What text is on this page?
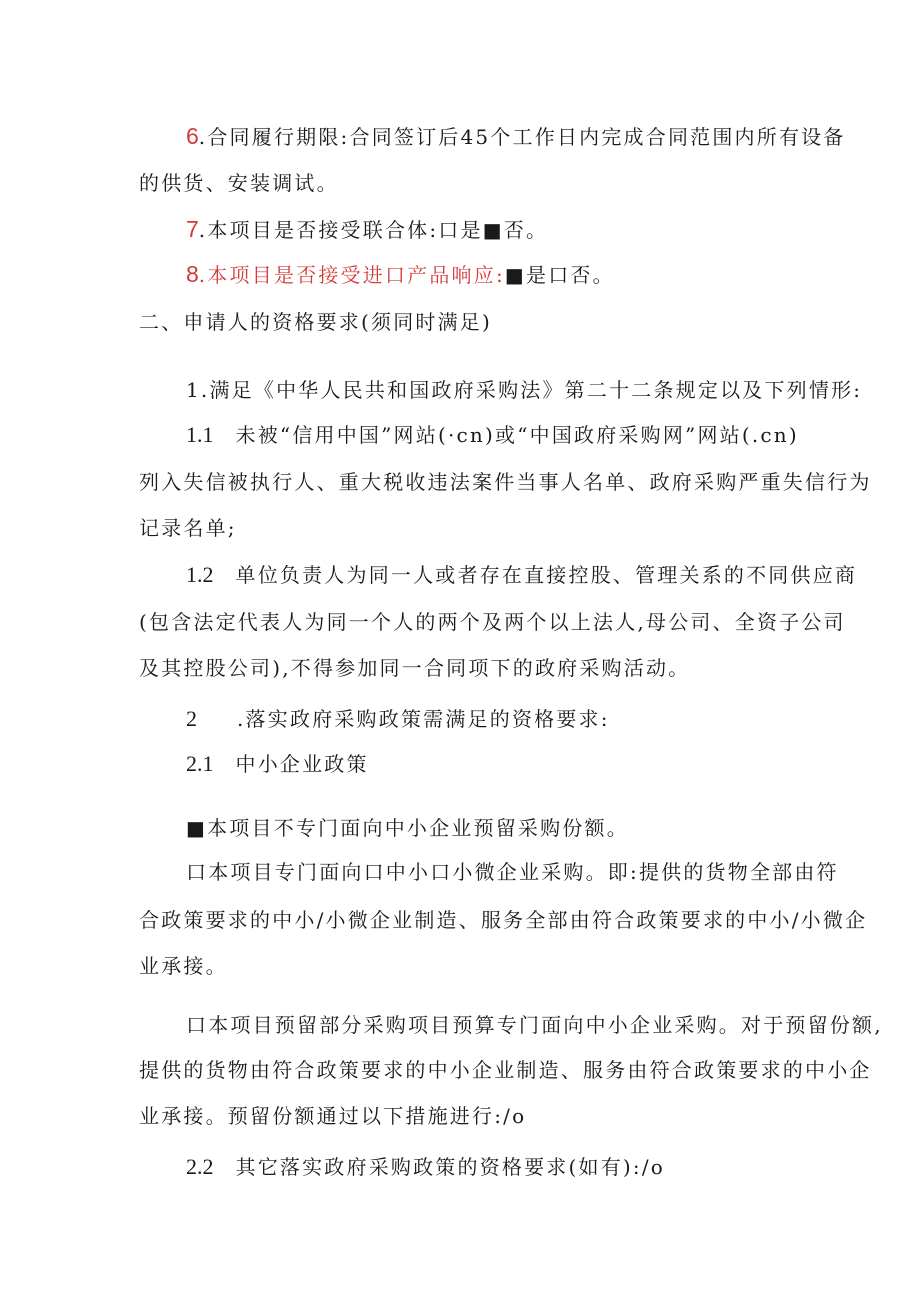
6.合同履行期限:合同签订后45个工作日内完成合同范围内所有设备
的供货、安装调试。
7.本项目是否接受联合体:口是■否。
8.本项目是否接受进口产品响应:■是口否。
二、申请人的资格要求(须同时满足)
1.满足《中华人民共和国政府采购法》第二十二条规定以及下列情形:
1.1 未被“信用中国”网站(·cn)或“中国政府采购网”网站(.cn)
列入失信被执行人、重大税收违法案件当事人名单、政府采购严重失信行为
记录名单;
1.2 单位负责人为同一人或者存在直接控股、管理关系的不同供应商
(包含法定代表人为同一个人的两个及两个以上法人,母公司、全资子公司
及其控股公司),不得参加同一合同项下的政府采购活动。
2 .落实政府采购政策需满足的资格要求:
2.1 中小企业政策
■本项目不专门面向中小企业预留采购份额。
口本项目专门面向口中小口小微企业采购。即:提供的货物全部由符
合政策要求的中小/小微企业制造、服务全部由符合政策要求的中小/小微企
业承接。
口本项目预留部分采购项目预算专门面向中小企业采购。对于预留份额,
提供的货物由符合政策要求的中小企业制造、服务由符合政策要求的中小企
业承接。预留份额通过以下措施进行:/o
2.2 其它落实政府采购政策的资格要求(如有):/o
